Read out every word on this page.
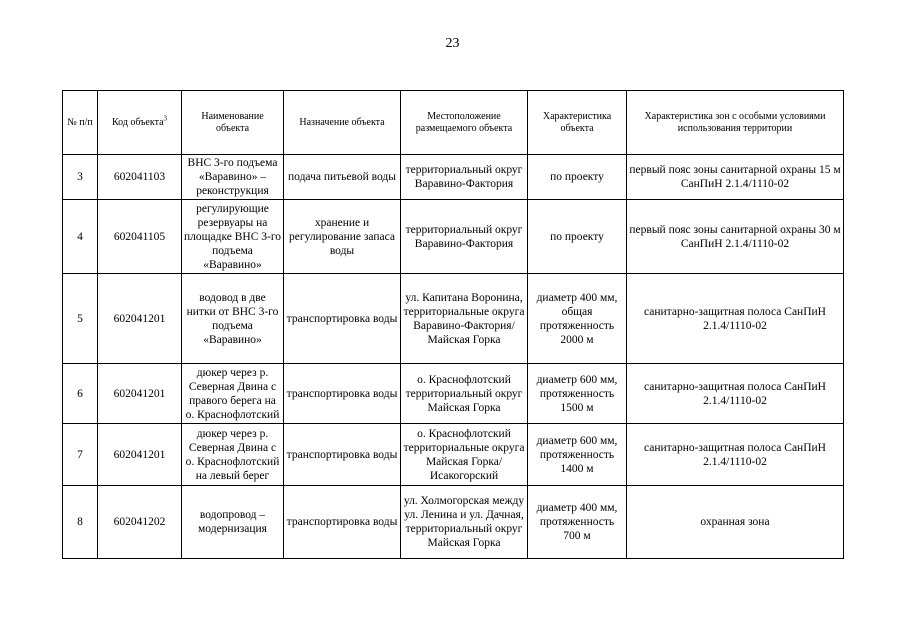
23
№ п/п	Код объекта$^3$	Наименование объекта	Назначение объекта	Местоположение размещаемого объекта	Характеристика объекта	Характеристика зон с особыми условиями использования территории
3	602041103	ВНС 3-го подъема «Варавино» – реконструкция	подача питьевой воды	территориальный округ Варавино-Фактория	по проекту	первый пояс зоны санитарной охраны 15 м СанПиН 2.1.4/1110-02
4	602041105	регулирующие резервуары на площадке ВНС 3-го подъема «Варавино»	хранение и регулирование запаса воды	территориальный округ Варавино-Фактория	по проекту	первый пояс зоны санитарной охраны 30 м СанПиН 2.1.4/1110-02
5	602041201	водовод в две нитки от ВНС 3-го подъема «Варавино»	транспортировка воды	ул. Капитана Воронина, территориальные округа Варавино-Фактория/ Майская Горка	диаметр 400 мм, общая протяженность 2000 м	санитарно-защитная полоса СанПиН 2.1.4/1110-02
6	602041201	дюкер через р. Северная Двина с правого берега на о. Краснофлотский	транспортировка воды	о. Краснофлотский территориальный округ Майская Горка	диаметр 600 мм, протяженность 1500 м	санитарно-защитная полоса СанПиН 2.1.4/1110-02
7	602041201	дюкер через р. Северная Двина с о. Краснофлотский на левый берег	транспортировка воды	о. Краснофлотский территориальные округа Майская Горка/Исакогорский	диаметр 600 мм, протяженность 1400 м	санитарно-защитная полоса СанПиН 2.1.4/1110-02
8	602041202	водопровод – модернизация	транспортировка воды	ул. Холмогорская между ул. Ленина и ул. Дачная, территориальный округ Майская Горка	диаметр 400 мм, протяженность 700 м	охранная зона
